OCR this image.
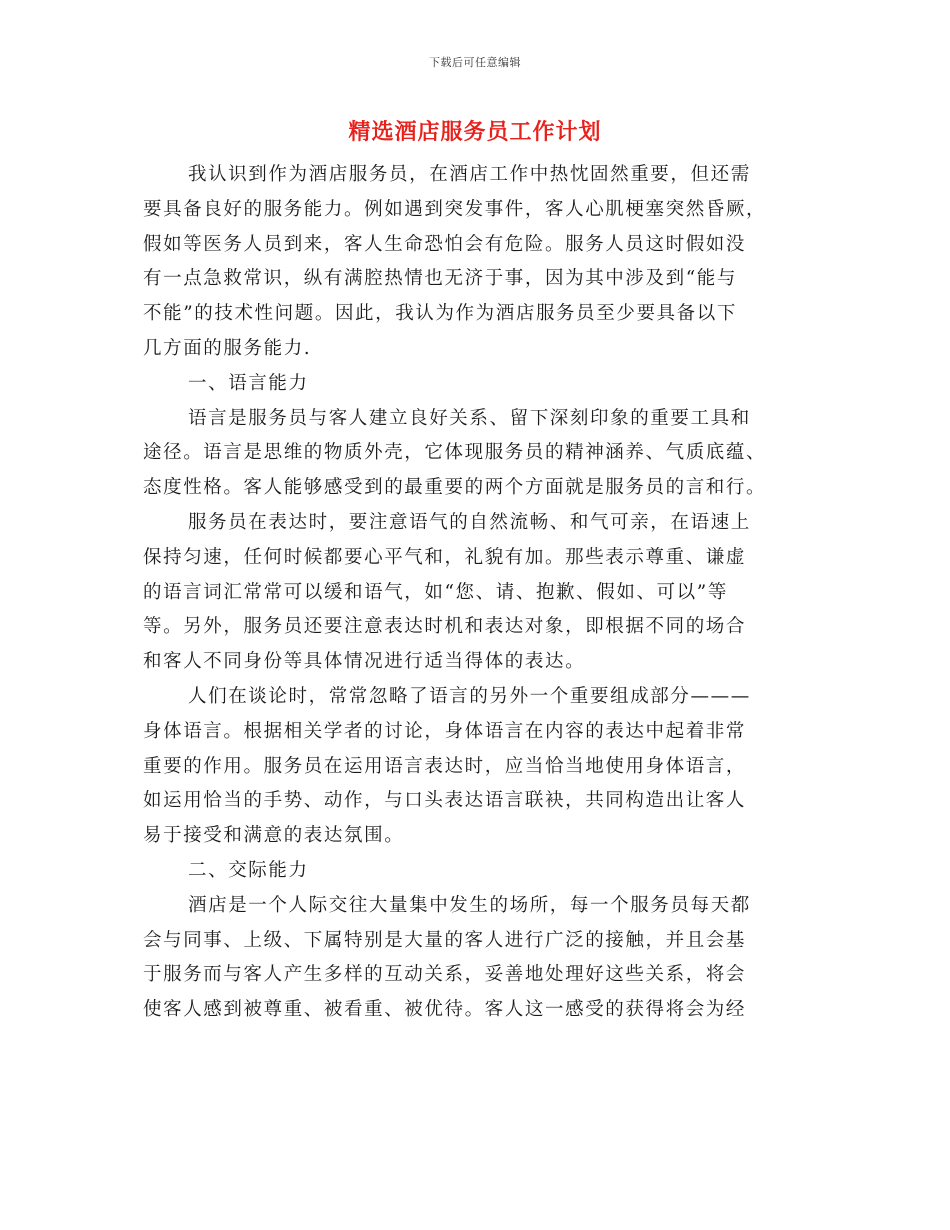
下载后可任意编辑
精选酒店服务员工作计划
我认识到作为酒店服务员，在酒店工作中热忱固然重要，但还需
要具备良好的服务能力。例如遇到突发事件，客人心肌梗塞突然昏厥，
假如等医务人员到来，客人生命恐怕会有危险。服务人员这时假如没
有一点急救常识，纵有满腔热情也无济于事，因为其中涉及到“能与
不能”的技术性问题。因此，我认为作为酒店服务员至少要具备以下
几方面的服务能力.
一、语言能力
语言是服务员与客人建立良好关系、留下深刻印象的重要工具和
途径。语言是思维的物质外壳，它体现服务员的精神涵养、气质底蕴、
态度性格。客人能够感受到的最重要的两个方面就是服务员的言和行。
服务员在表达时，要注意语气的自然流畅、和气可亲，在语速上
保持匀速，任何时候都要心平气和，礼貌有加。那些表示尊重、谦虚
的语言词汇常常可以缓和语气，如“您、请、抱歉、假如、可以”等
等。另外，服务员还要注意表达时机和表达对象，即根据不同的场合
和客人不同身份等具体情况进行适当得体的表达。
人们在谈论时，常常忽略了语言的另外一个重要组成部分———
身体语言。根据相关学者的讨论，身体语言在内容的表达中起着非常
重要的作用。服务员在运用语言表达时，应当恰当地使用身体语言，
如运用恰当的手势、动作，与口头表达语言联袂，共同构造出让客人
易于接受和满意的表达氛围。
二、交际能力
酒店是一个人际交往大量集中发生的场所，每一个服务员每天都
会与同事、上级、下属特别是大量的客人进行广泛的接触，并且会基
于服务而与客人产生多样的互动关系，妥善地处理好这些关系，将会
使客人感到被尊重、被看重、被优待。客人这一感受的获得将会为经
